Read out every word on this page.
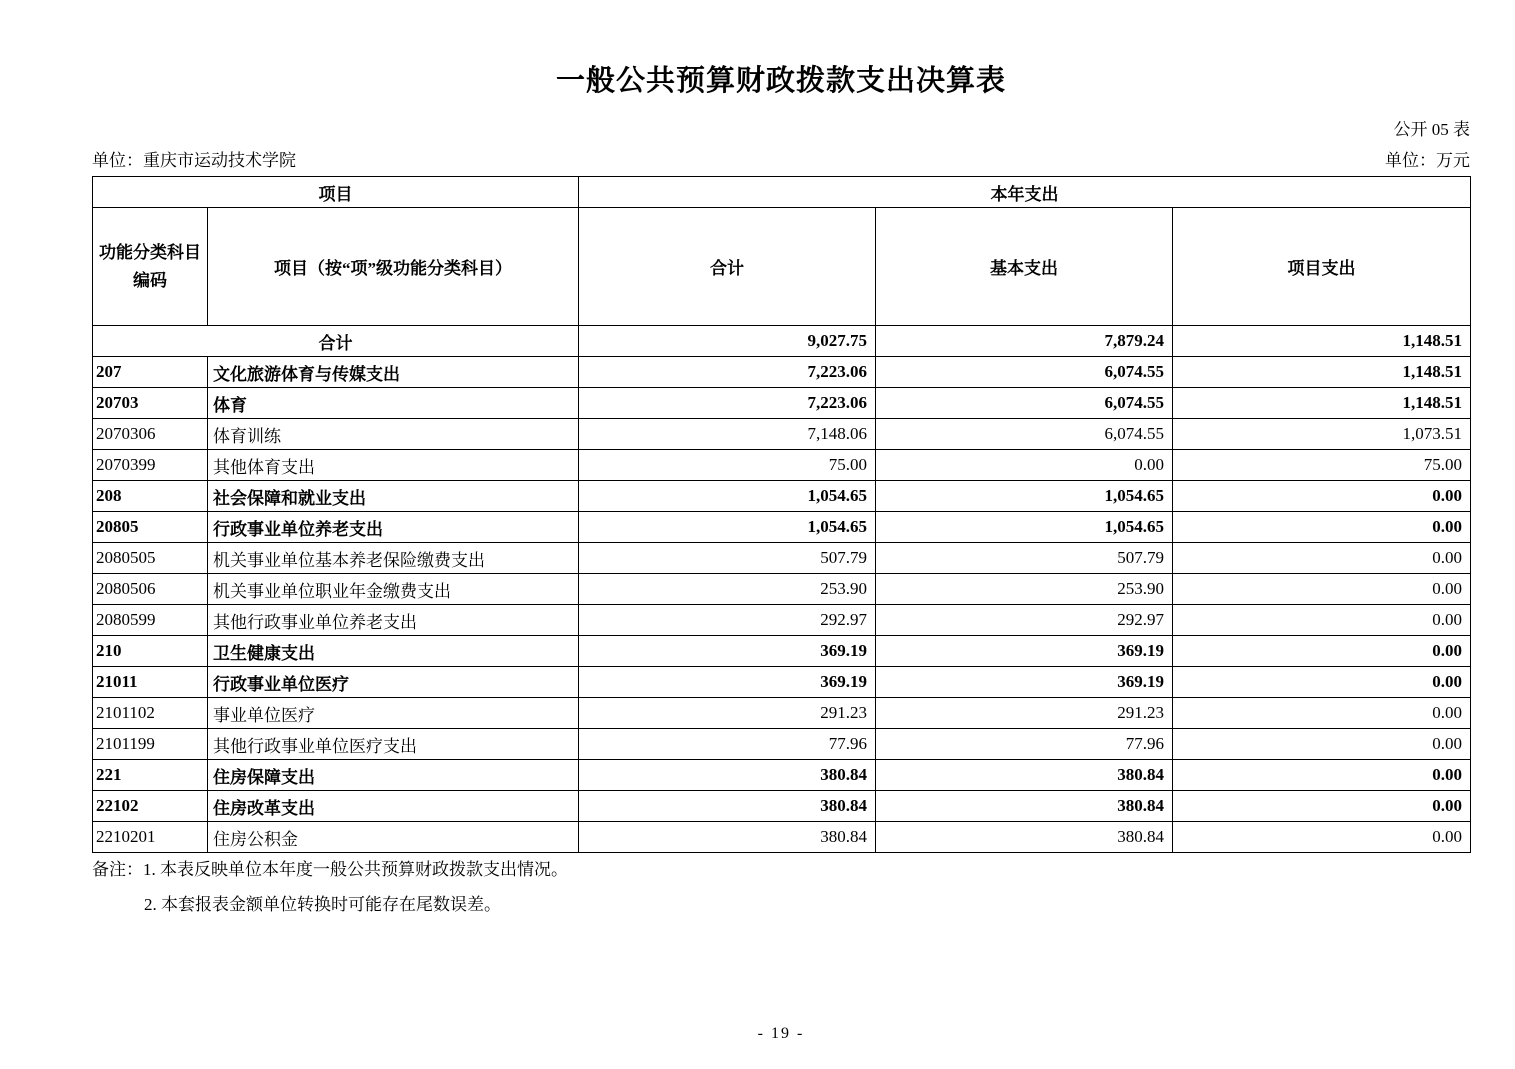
一般公共预算财政拨款支出决算表
公开 05 表
单位：重庆市运动技术学院	单位：万元
项目		本年支出		
功能分类科目编码	项目（按“项”级功能分类科目）	合计	基本支出	项目支出
合计		9,027.75	7,879.24	1,148.51
207	文化旅游体育与传媒支出	7,223.06	6,074.55	1,148.51
20703	体育	7,223.06	6,074.55	1,148.51
2070306	体育训练	7,148.06	6,074.55	1,073.51
2070399	其他体育支出	75.00	0.00	75.00
208	社会保障和就业支出	1,054.65	1,054.65	0.00
20805	行政事业单位养老支出	1,054.65	1,054.65	0.00
2080505	机关事业单位基本养老保险缴费支出	507.79	507.79	0.00
2080506	机关事业单位职业年金缴费支出	253.90	253.90	0.00
2080599	其他行政事业单位养老支出	292.97	292.97	0.00
210	卫生健康支出	369.19	369.19	0.00
21011	行政事业单位医疗	369.19	369.19	0.00
2101102	事业单位医疗	291.23	291.23	0.00
2101199	其他行政事业单位医疗支出	77.96	77.96	0.00
221	住房保障支出	380.84	380.84	0.00
22102	住房改革支出	380.84	380.84	0.00
2210201	住房公积金	380.84	380.84	0.00
备注：1. 本表反映单位本年度一般公共预算财政拨款支出情况。
2. 本套报表金额单位转换时可能存在尾数误差。
- 19 -
